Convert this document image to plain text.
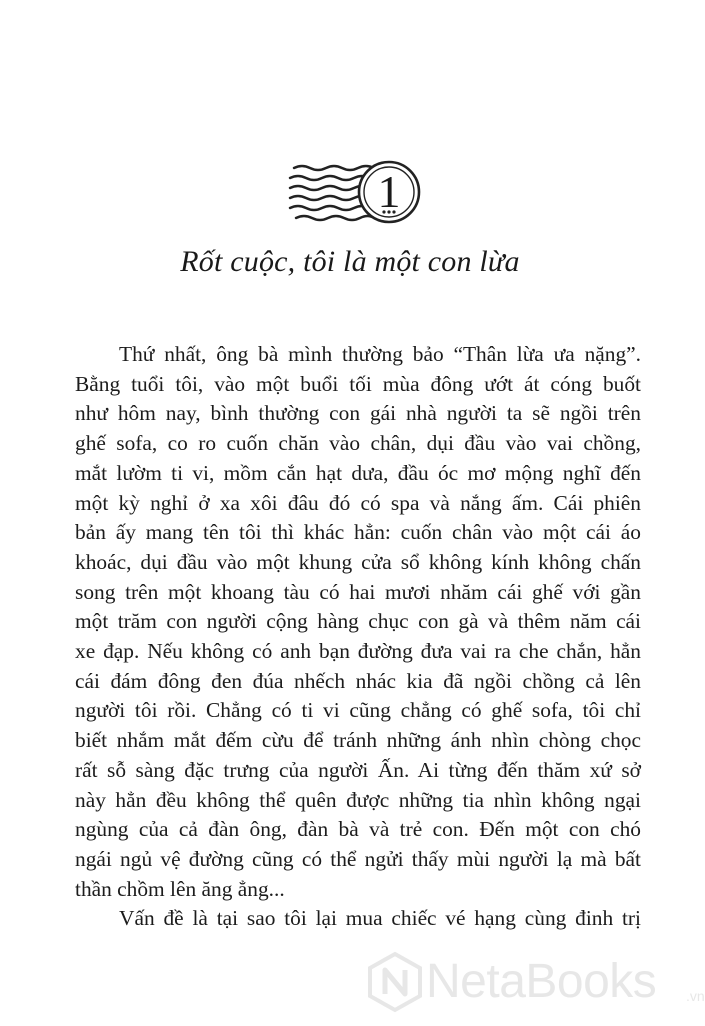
1
Rốt cuộc, tôi là một con lừa
Thứ nhất, ông bà mình thường bảo “Thân lừa ưa nặng”.
Bằng tuổi tôi, vào một buổi tối mùa đông ướt át cóng buốt
như hôm nay, bình thường con gái nhà người ta sẽ ngồi trên
ghế sofa, co ro cuốn chăn vào chân, dụi đầu vào vai chồng,
mắt lườm ti vi, mồm cắn hạt dưa, đầu óc mơ mộng nghĩ đến
một kỳ nghỉ ở xa xôi đâu đó có spa và nắng ấm. Cái phiên
bản ấy mang tên tôi thì khác hẳn: cuốn chân vào một cái áo
khoác, dụi đầu vào một khung cửa sổ không kính không chấn
song trên một khoang tàu có hai mươi nhăm cái ghế với gần
một trăm con người cộng hàng chục con gà và thêm năm cái
xe đạp. Nếu không có anh bạn đường đưa vai ra che chắn, hẳn
cái đám đông đen đúa nhếch nhác kia đã ngồi chồng cả lên
người tôi rồi. Chẳng có ti vi cũng chẳng có ghế sofa, tôi chỉ
biết nhắm mắt đếm cừu để tránh những ánh nhìn chòng chọc
rất sỗ sàng đặc trưng của người Ấn. Ai từng đến thăm xứ sở
này hẳn đều không thể quên được những tia nhìn không ngại
ngùng của cả đàn ông, đàn bà và trẻ con. Đến một con chó
ngái ngủ vệ đường cũng có thể ngửi thấy mùi người lạ mà bất
thần chồm lên ăng ẳng...
Vấn đề là tại sao tôi lại mua chiếc vé hạng cùng đinh trị
NetaBooks .vn
